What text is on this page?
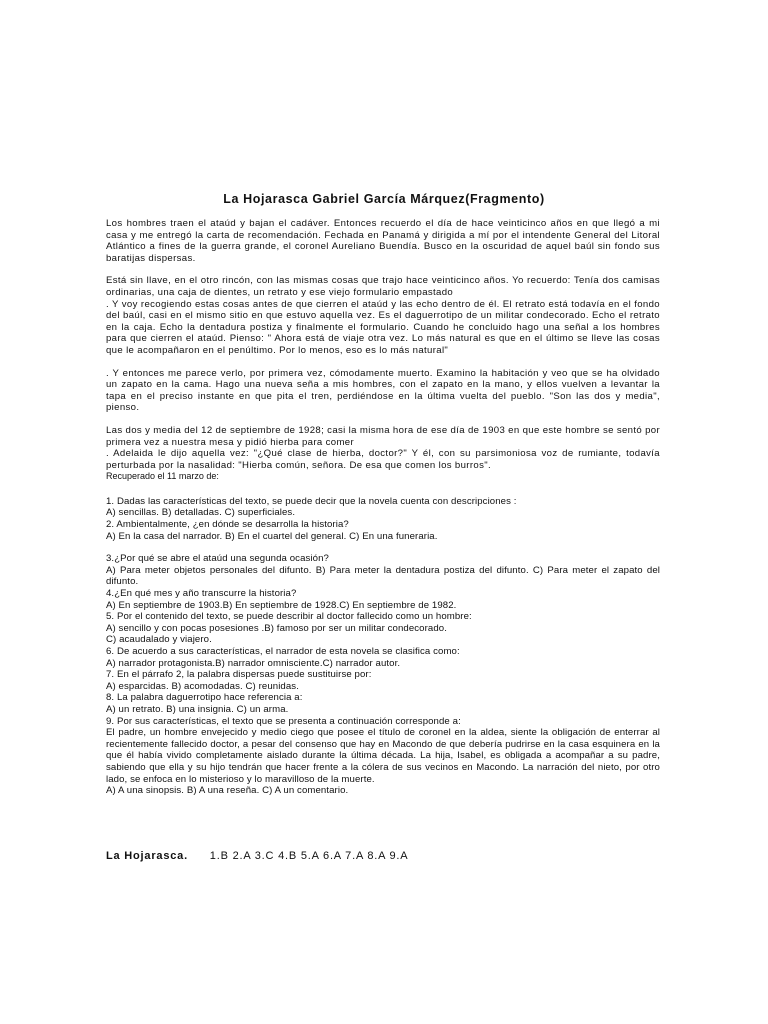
La Hojarasca Gabriel García Márquez(Fragmento)

Los hombres traen el ataúd y bajan el cadáver. Entonces recuerdo el día de hace veinticinco años en que llegó a mi casa y me entregó la carta de recomendación. Fechada en Panamá y dirigida a mí por el intendente General del Litoral Atlántico a fines de la guerra grande, el coronel Aureliano Buendía. Busco en la oscuridad de aquel baúl sin fondo sus baratijas dispersas.

Está sin llave, en el otro rincón, con las mismas cosas que trajo hace veinticinco años. Yo recuerdo: Tenía dos camisas ordinarias, una caja de dientes, un retrato y ese viejo formulario empastado

. Y voy recogiendo estas cosas antes de que cierren el ataúd y las echo dentro de él. El retrato está todavía en el fondo del baúl, casi en el mismo sitio en que estuvo aquella vez. Es el daguerrotipo de un militar condecorado. Echo el retrato en la caja. Echo la dentadura postiza y finalmente el formulario. Cuando he concluido hago una señal a los hombres para que cierren el ataúd. Pienso: " Ahora está de viaje otra vez. Lo más natural es que en el último se lleve las cosas que le acompañaron en el penúltimo. Por lo menos, eso es lo más natural"

. Y entonces me parece verlo, por primera vez, cómodamente muerto. Examino la habitación y veo que se ha olvidado un zapato en la cama. Hago una nueva seña a mis hombres, con el zapato en la mano, y ellos vuelven a levantar la tapa en el preciso instante en que pita el tren, perdiéndose en la última vuelta del pueblo. "Son las dos y media", pienso.

Las dos y media del 12 de septiembre de 1928; casi la misma hora de ese día de 1903 en que este hombre se sentó por primera vez a nuestra mesa y pidió hierba para comer

. Adelaida le dijo aquella vez: "¿Qué clase de hierba, doctor?" Y él, con su parsimoniosa voz de rumiante, todavía perturbada por la nasalidad: "Hierba común, señora. De esa que comen los burros".

Recuperado el 11 marzo de:

1. Dadas las características del texto, se puede decir que la novela cuenta con descripciones :

A) sencillas. B) detalladas. C) superficiales.

2. Ambientalmente, ¿en dónde se desarrolla la historia?

A) En la casa del narrador. B) En el cuartel del general. C) En una funeraria.

3.¿Por qué se abre el ataúd una segunda ocasión?

A) Para meter objetos personales del difunto. B) Para meter la dentadura postiza del difunto. C) Para meter el zapato del difunto.

4.¿En qué mes y año transcurre la historia?

A) En septiembre de 1903.B) En septiembre de 1928.C) En septiembre de 1982.

5. Por el contenido del texto, se puede describir al doctor fallecido como un hombre:

A) sencillo y con pocas posesiones .B) famoso por ser un militar condecorado.

C) acaudalado y viajero.

6. De acuerdo a sus características, el narrador de esta novela se clasifica como:

A) narrador protagonista.B) narrador omnisciente.C) narrador autor.

7. En el párrafo 2, la palabra dispersas puede sustituirse por:

A) esparcidas. B) acomodadas. C) reunidas.

8. La palabra daguerrotipo hace referencia a:

A) un retrato. B) una insignia. C) un arma.

9. Por sus características, el texto que se presenta a continuación corresponde a:

El padre, un hombre envejecido y medio ciego que posee el título de coronel en la aldea, siente la obligación de enterrar al recientemente fallecido doctor, a pesar del consenso que hay en Macondo de que debería pudrirse en la casa esquinera en la que él había vivido completamente aislado durante la última década. La hija, Isabel, es obligada a acompañar a su padre, sabiendo que ella y su hijo tendrán que hacer frente a la cólera de sus vecinos en Macondo. La narración del nieto, por otro lado, se enfoca en lo misterioso y lo maravilloso de la muerte.

A) A una sinopsis. B) A una reseña. C) A un comentario.

La Hojarasca. 1.B 2.A 3.C 4.B 5.A 6.A 7.A 8.A 9.A
